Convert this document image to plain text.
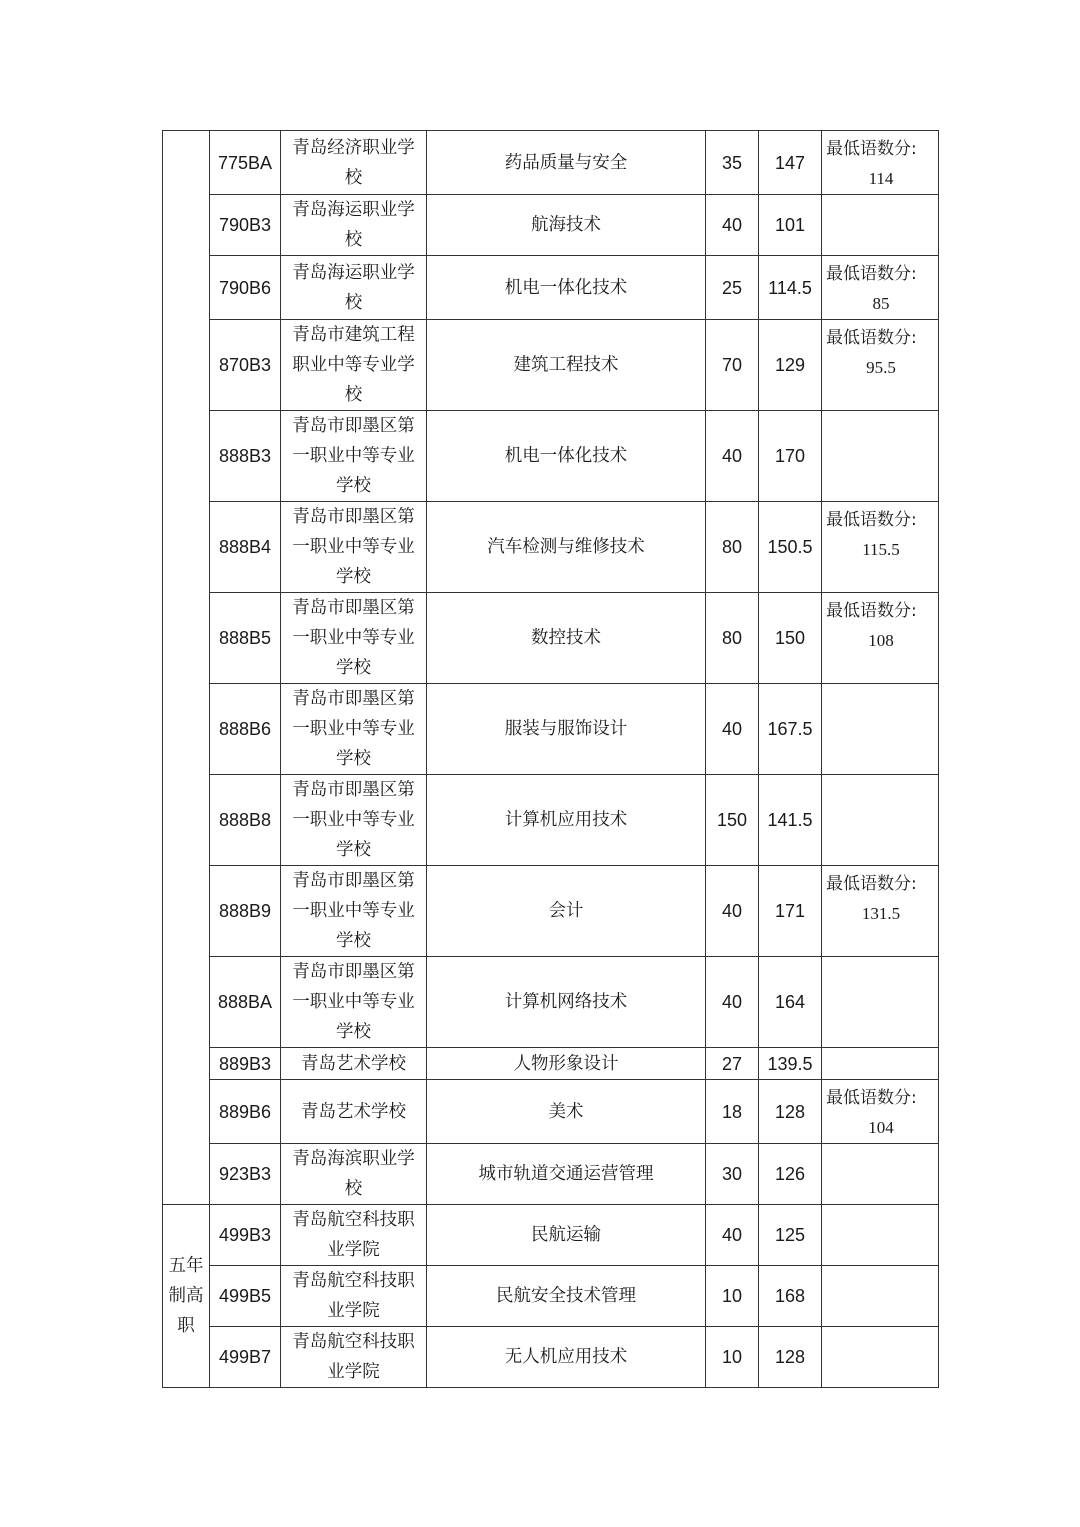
	775BA	青岛经济职业学校	药品质量与安全	35	147	最低语数分:
114

	790B3	青岛海运职业学校	航海技术	40	101	

	790B6	青岛海运职业学校	机电一体化技术	25	114.5	最低语数分:
85

	870B3	青岛市建筑工程职业中等专业学校	建筑工程技术	70	129	最低语数分:
95.5

	888B3	青岛市即墨区第一职业中等专业学校	机电一体化技术	40	170	

	888B4	青岛市即墨区第一职业中等专业学校	汽车检测与维修技术	80	150.5	最低语数分:
115.5

	888B5	青岛市即墨区第一职业中等专业学校	数控技术	80	150	最低语数分:
108

	888B6	青岛市即墨区第一职业中等专业学校	服装与服饰设计	40	167.5	

	888B8	青岛市即墨区第一职业中等专业学校	计算机应用技术	150	141.5	

	888B9	青岛市即墨区第一职业中等专业学校	会计	40	171	最低语数分:
131.5

	888BA	青岛市即墨区第一职业中等专业学校	计算机网络技术	40	164	

	889B3	青岛艺术学校	人物形象设计	27	139.5	

	889B6	青岛艺术学校	美术	18	128	最低语数分:
104

	923B3	青岛海滨职业学校	城市轨道交通运营管理	30	126	

五年制高职	499B3	青岛航空科技职业学院	民航运输	40	125	

	499B5	青岛航空科技职业学院	民航安全技术管理	10	168	

	499B7	青岛航空科技职业学院	无人机应用技术	10	128	
